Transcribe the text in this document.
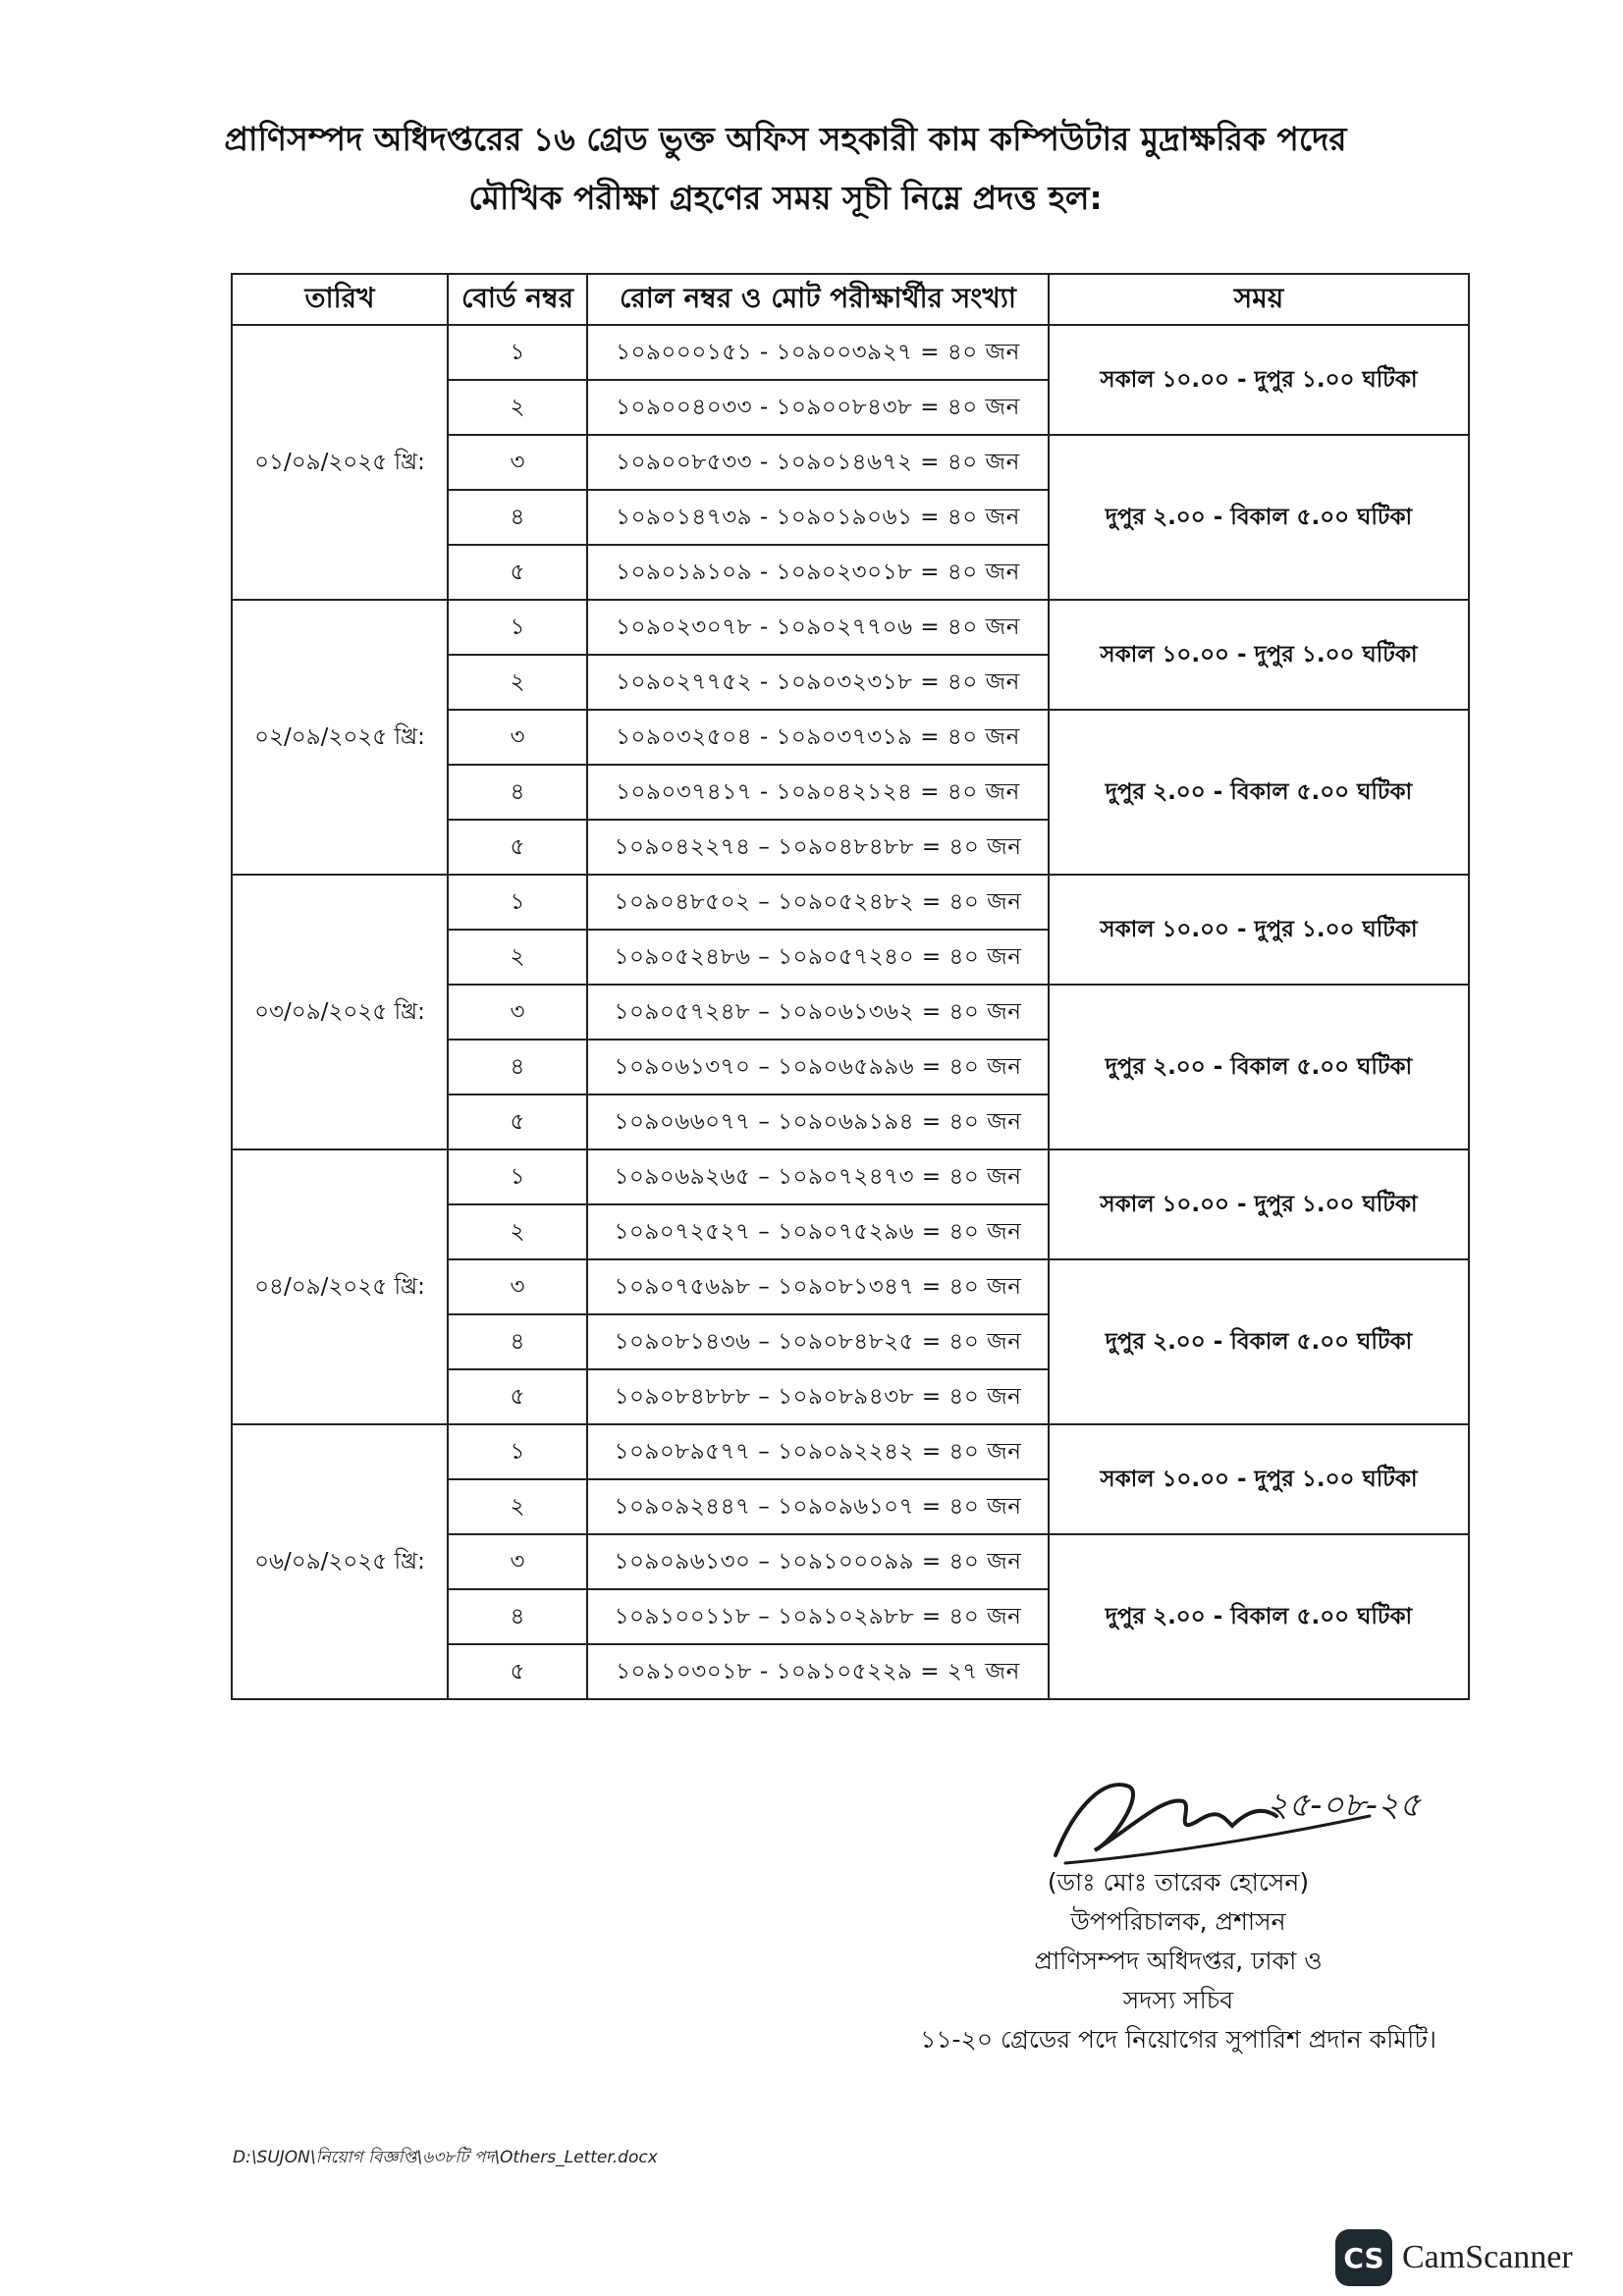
প্রাণিসম্পদ অধিদপ্তরের ১৬ গ্রেড ভুক্ত অফিস সহকারী কাম কম্পিউটার মুদ্রাক্ষরিক পদের
মৌখিক পরীক্ষা গ্রহণের সময় সূচী নিম্নে প্রদত্ত হল:
তারিখ	বোর্ড নম্বর	রোল নম্বর ও মোট পরীক্ষার্থীর সংখ্যা	সময়
০১/০৯/২০২৫ খ্রি:	১	১০৯০০০১৫১ - ১০৯০০৩৯২৭ = ৪০ জন	সকাল ১০.০০ - দুপুর ১.০০ ঘটিকা
	২	১০৯০০৪০৩৩ - ১০৯০০৮৪৩৮ = ৪০ জন	
	৩	১০৯০০৮৫৩৩ - ১০৯০১৪৬৭২ = ৪০ জন	দুপুর ২.০০ - বিকাল ৫.০০ ঘটিকা
	৪	১০৯০১৪৭৩৯ - ১০৯০১৯০৬১ = ৪০ জন	
	৫	১০৯০১৯১০৯ - ১০৯০২৩০১৮ = ৪০ জন	
০২/০৯/২০২৫ খ্রি:	১	১০৯০২৩০৭৮ - ১০৯০২৭৭০৬ = ৪০ জন	সকাল ১০.০০ - দুপুর ১.০০ ঘটিকা
	২	১০৯০২৭৭৫২ - ১০৯০৩২৩১৮ = ৪০ জন	
	৩	১০৯০৩২৫০৪ - ১০৯০৩৭৩১৯ = ৪০ জন	দুপুর ২.০০ - বিকাল ৫.০০ ঘটিকা
	৪	১০৯০৩৭৪১৭ - ১০৯০৪২১২৪ = ৪০ জন	
	৫	১০৯০৪২২৭৪ – ১০৯০৪৮৪৮৮ = ৪০ জন	
০৩/০৯/২০২৫ খ্রি:	১	১০৯০৪৮৫০২ – ১০৯০৫২৪৮২ = ৪০ জন	সকাল ১০.০০ - দুপুর ১.০০ ঘটিকা
	২	১০৯০৫২৪৮৬ – ১০৯০৫৭২৪০ = ৪০ জন	
	৩	১০৯০৫৭২৪৮ – ১০৯০৬১৩৬২ = ৪০ জন	দুপুর ২.০০ - বিকাল ৫.০০ ঘটিকা
	৪	১০৯০৬১৩৭০ – ১০৯০৬৫৯৯৬ = ৪০ জন	
	৫	১০৯০৬৬০৭৭ – ১০৯০৬৯১৯৪ = ৪০ জন	
০৪/০৯/২০২৫ খ্রি:	১	১০৯০৬৯২৬৫ – ১০৯০৭২৪৭৩ = ৪০ জন	সকাল ১০.০০ - দুপুর ১.০০ ঘটিকা
	২	১০৯০৭২৫২৭ – ১০৯০৭৫২৯৬ = ৪০ জন	
	৩	১০৯০৭৫৬৯৮ – ১০৯০৮১৩৪৭ = ৪০ জন	দুপুর ২.০০ - বিকাল ৫.০০ ঘটিকা
	৪	১০৯০৮১৪৩৬ – ১০৯০৮৪৮২৫ = ৪০ জন	
	৫	১০৯০৮৪৮৮৮ – ১০৯০৮৯৪৩৮ = ৪০ জন	
০৬/০৯/২০২৫ খ্রি:	১	১০৯০৮৯৫৭৭ – ১০৯০৯২২৪২ = ৪০ জন	সকাল ১০.০০ - দুপুর ১.০০ ঘটিকা
	২	১০৯০৯২৪৪৭ – ১০৯০৯৬১০৭ = ৪০ জন	
	৩	১০৯০৯৬১৩০ – ১০৯১০০০৯৯ = ৪০ জন	দুপুর ২.০০ - বিকাল ৫.০০ ঘটিকা
	৪	১০৯১০০১১৮ – ১০৯১০২৯৮৮ = ৪০ জন	
	৫	১০৯১০৩০১৮ - ১০৯১০৫২২৯ = ২৭ জন	
২৫-০৮-২৫
(ডাঃ মোঃ তারেক হোসেন)
উপপরিচালক, প্রশাসন
প্রাণিসম্পদ অধিদপ্তর, ঢাকা ও
সদস্য সচিব
১১-২০ গ্রেডের পদে নিয়োগের সুপারিশ প্রদান কমিটি।
D:\SUJON\নিয়োগ বিজ্ঞপ্তি\৬৩৮টি পদ\Others_Letter.docx
CS CamScanner
